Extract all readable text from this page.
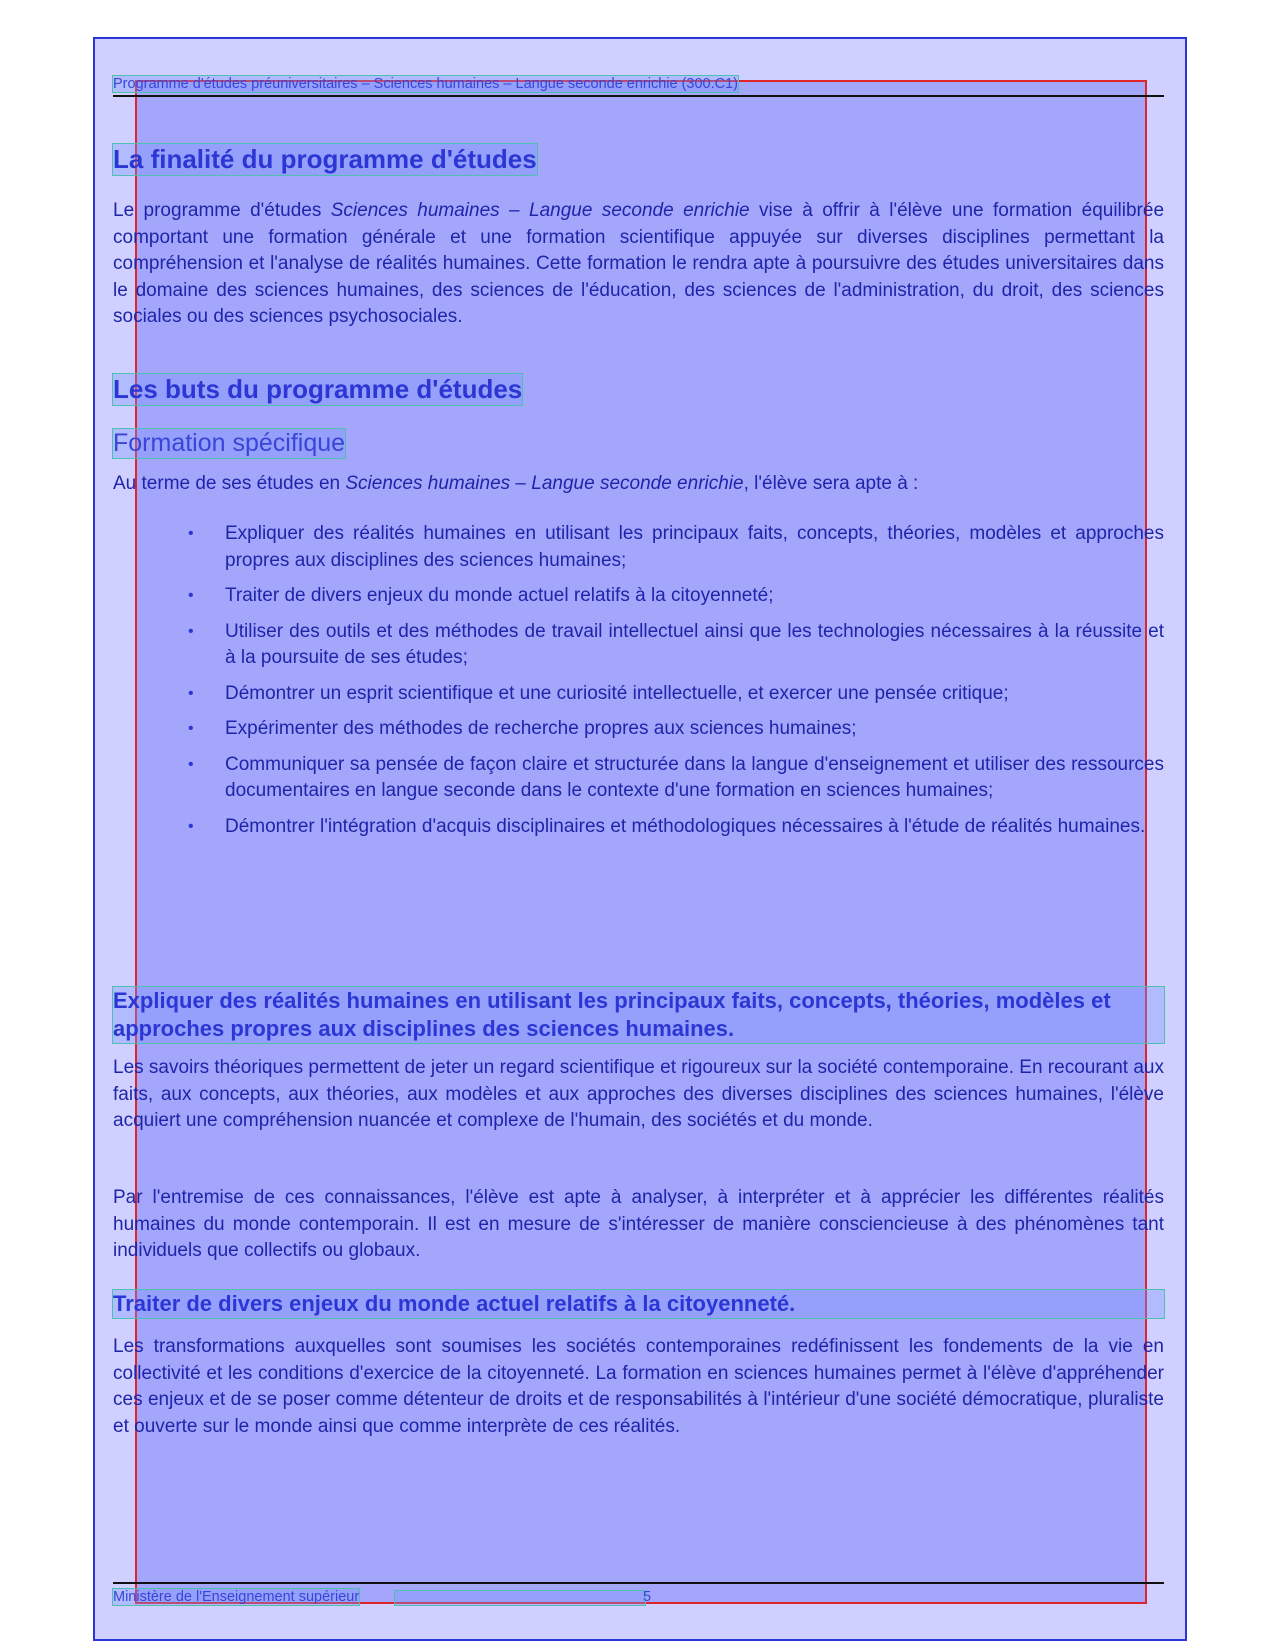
Programme d'études préuniversitaires – Sciences humaines – Langue seconde enrichie (300.C1)
La finalité du programme d'études

Le programme d'études Sciences humaines – Langue seconde enrichie vise à offrir à l'élève une formation équilibrée comportant une formation générale et une formation scientifique appuyée sur diverses disciplines permettant la compréhension et l'analyse de réalités humaines. Cette formation le rendra apte à poursuivre des études universitaires dans le domaine des sciences humaines, des sciences de l'éducation, des sciences de l'administration, du droit, des sciences sociales ou des sciences psychosociales.

Les buts du programme d'études
Formation spécifique

Au terme de ses études en Sciences humaines – Langue seconde enrichie, l'élève sera apte à :

• Expliquer des réalités humaines en utilisant les principaux faits, concepts, théories, modèles et approches propres aux disciplines des sciences humaines;
• Traiter de divers enjeux du monde actuel relatifs à la citoyenneté;
• Utiliser des outils et des méthodes de travail intellectuel ainsi que les technologies nécessaires à la réussite et à la poursuite de ses études;
• Démontrer un esprit scientifique et une curiosité intellectuelle, et exercer une pensée critique;
• Expérimenter des méthodes de recherche propres aux sciences humaines;
• Communiquer sa pensée de façon claire et structurée dans la langue d'enseignement et utiliser des ressources documentaires en langue seconde dans le contexte d'une formation en sciences humaines;
• Démontrer l'intégration d'acquis disciplinaires et méthodologiques nécessaires à l'étude de réalités humaines.
Expliquer des réalités humaines en utilisant les principaux faits, concepts, théories, modèles et approches propres aux disciplines des sciences humaines.

Les savoirs théoriques permettent de jeter un regard scientifique et rigoureux sur la société contemporaine. En recourant aux faits, aux concepts, aux théories, aux modèles et aux approches des diverses disciplines des sciences humaines, l'élève acquiert une compréhension nuancée et complexe de l'humain, des sociétés et du monde.

Par l'entremise de ces connaissances, l'élève est apte à analyser, à interpréter et à apprécier les différentes réalités humaines du monde contemporain. Il est en mesure de s'intéresser de manière consciencieuse à des phénomènes tant individuels que collectifs ou globaux.

Traiter de divers enjeux du monde actuel relatifs à la citoyenneté.

Les transformations auxquelles sont soumises les sociétés contemporaines redéfinissent les fondements de la vie en collectivité et les conditions d'exercice de la citoyenneté. La formation en sciences humaines permet à l'élève d'appréhender ces enjeux et de se poser comme détenteur de droits et de responsabilités à l'intérieur d'une société démocratique, pluraliste et ouverte sur le monde ainsi que comme interprète de ces réalités.

Ministère de l'Enseignement supérieur	5
